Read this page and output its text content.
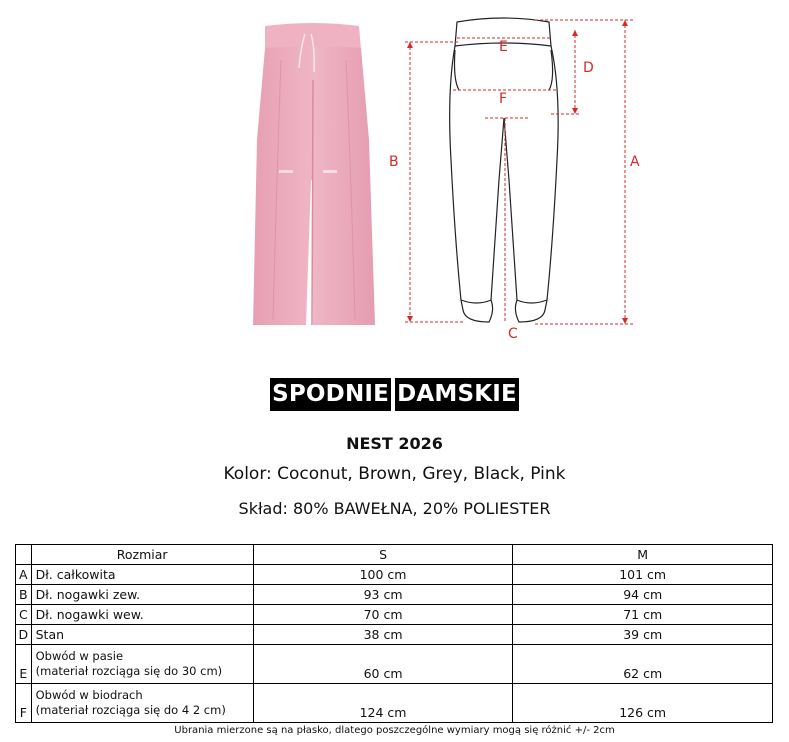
A
B
C
D
E
F
SPODNIE DAMSKIE
NEST 2026
Kolor: Coconut, Brown, Grey, Black, Pink
Skład: 80% BAWEŁNA, 20% POLIESTER
	Rozmiar	S	M
A	Dł. całkowita	100 cm	101 cm
B	Dł. nogawki zew.	93 cm	94 cm
C	Dł. nogawki wew.	70 cm	71 cm
D	Stan	38 cm	39 cm
E	Obwód w pasie
(materiał rozciąga się do 30 cm)	60 cm	62 cm
F	Obwód w biodrach
(materiał rozciąga się do 4 2 cm)	124 cm	126 cm
Ubrania mierzone są na płasko, dlatego poszczególne wymiary mogą się różnić +/- 2cm
